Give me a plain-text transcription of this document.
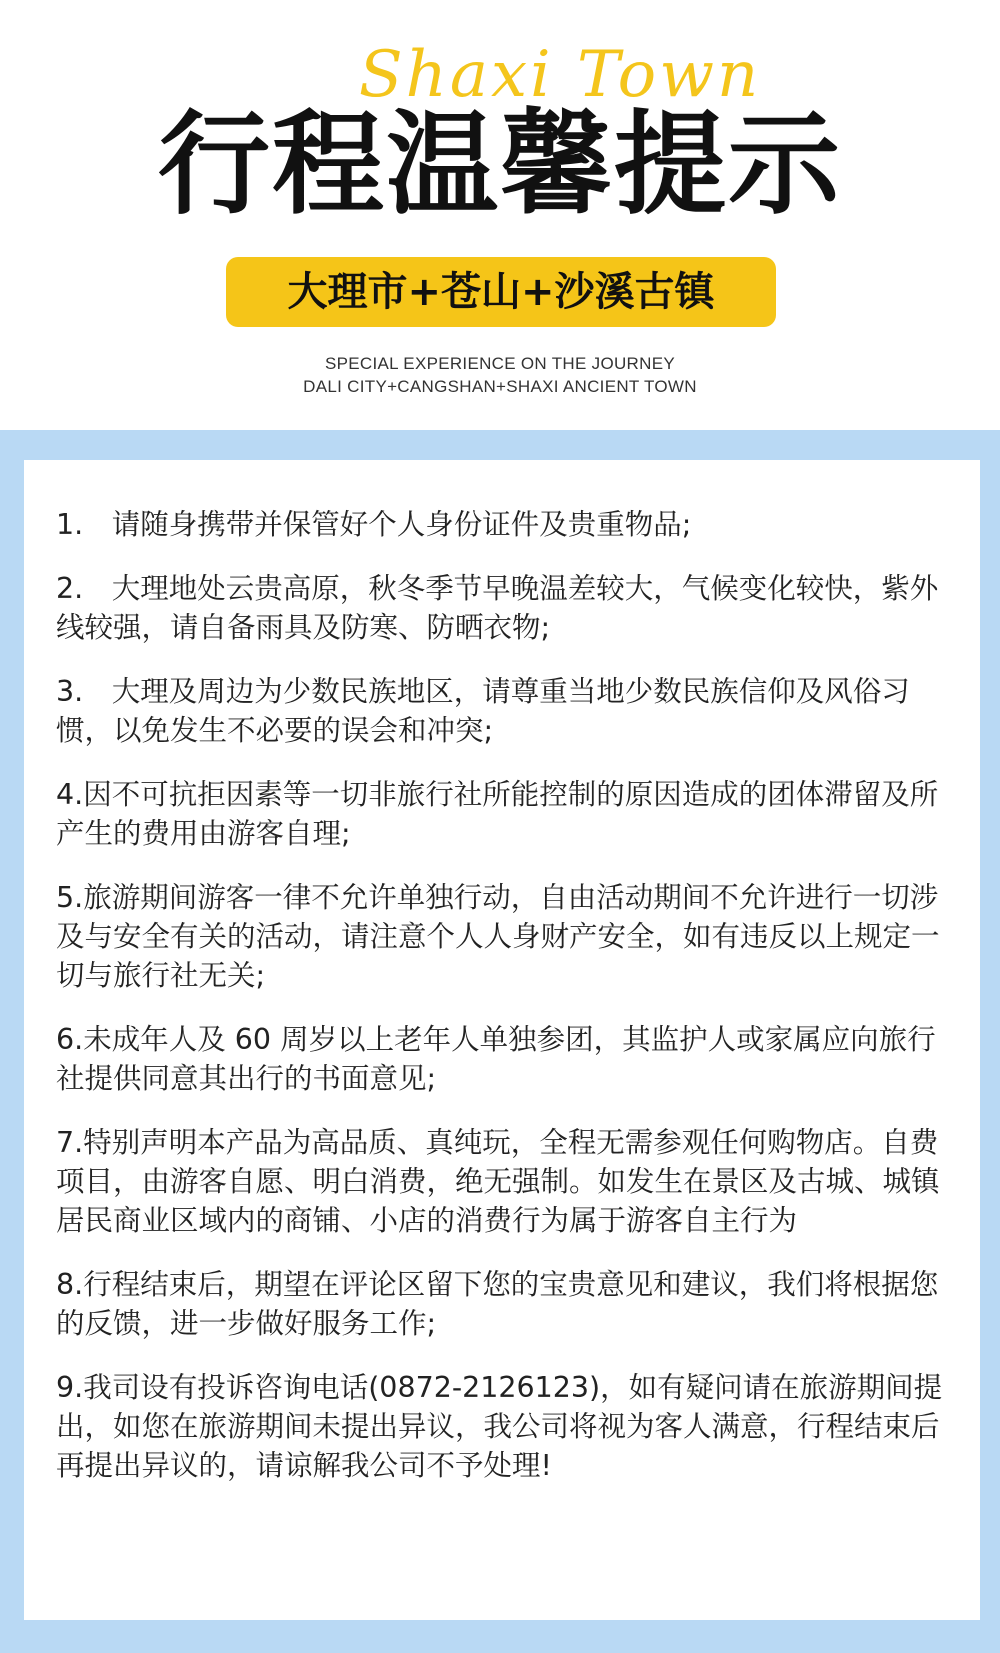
Shaxi Town
行程温馨提示
大理市+苍山+沙溪古镇
SPECIAL EXPERIENCE ON THE JOURNEY
DALI CITY+CANGSHAN+SHAXI ANCIENT TOWN

1.　请随身携带并保管好个人身份证件及贵重物品;

2.　大理地处云贵高原，秋冬季节早晚温差较大，气候变化较快，紫外线较强，请自备雨具及防寒、防晒衣物;

3.　大理及周边为少数民族地区，请尊重当地少数民族信仰及风俗习惯，以免发生不必要的误会和冲突;

4.因不可抗拒因素等一切非旅行社所能控制的原因造成的团体滞留及所产生的费用由游客自理;

5.旅游期间游客一律不允许单独行动，自由活动期间不允许进行一切涉及与安全有关的活动，请注意个人人身财产安全，如有违反以上规定一切与旅行社无关;

6.未成年人及 60 周岁以上老年人单独参团，其监护人或家属应向旅行社提供同意其出行的书面意见;

7.特别声明本产品为高品质、真纯玩，全程无需参观任何购物店。自费项目，由游客自愿、明白消费，绝无强制。如发生在景区及古城、城镇居民商业区域内的商铺、小店的消费行为属于游客自主行为

8.行程结束后，期望在评论区留下您的宝贵意见和建议，我们将根据您的反馈，进一步做好服务工作;

9.我司设有投诉咨询电话(0872-2126123)，如有疑问请在旅游期间提出，如您在旅游期间未提出异议，我公司将视为客人满意，行程结束后再提出异议的，请谅解我公司不予处理!
